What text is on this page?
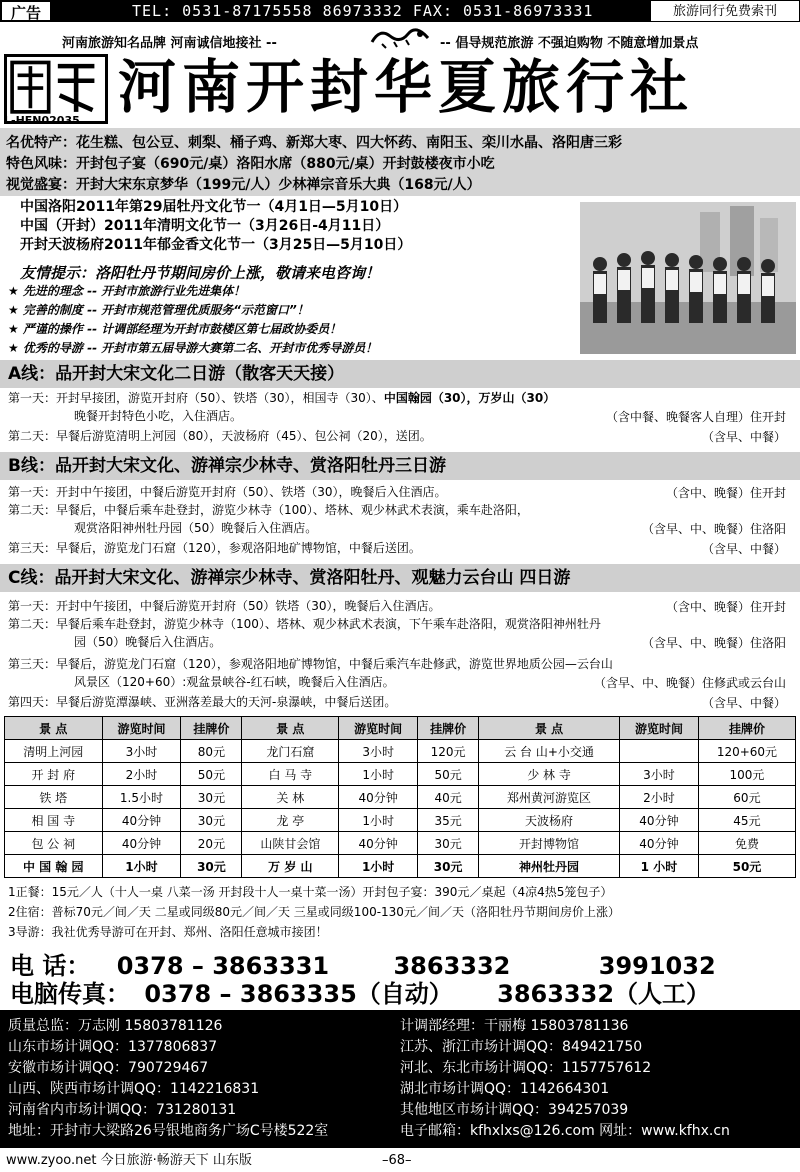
广告	TEL: 0531-87175558 86973332 FAX: 0531-86973331	旅游同行免费索刊
河南旅游知名品牌 河南诚信地接社 --	-- 倡导规范旅游 不强迫购物 不随意增加景点
L-HEN02035 河南开封华夏旅行社
名优特产：花生糕、包公豆、刺梨、桶子鸡、新郑大枣、四大怀药、南阳玉、栾川水晶、洛阳唐三彩
特色风味：开封包子宴（690元/桌）洛阳水席（880元/桌）开封鼓楼夜市小吃
视觉盛宴：开封大宋东京梦华（199元/人）少林禅宗音乐大典（168元/人）
中国洛阳2011年第29届牡丹文化节一（4月1日—5月10日）
中国（开封）2011年清明文化节一（3月26日-4月11日）
开封天波杨府2011年郁金香文化节一（3月25日—5月10日）
友情提示：洛阳牡丹节期间房价上涨，敬请来电咨询！
★ 先进的理念 -- 开封市旅游行业先进集体！
★ 完善的制度 -- 开封市规范管理优质服务“示范窗口”！
★ 严谨的操作 -- 计调部经理为开封市鼓楼区第七届政协委员！
★ 优秀的导游 -- 开封市第五届导游大赛第二名、开封市优秀导游员！
A线：品开封大宋文化二日游（散客天天接）
第一天：开封早接团，游览开封府（50）、铁塔（30），相国寺（30）、中国翰园（30），万岁山（30）
晚餐开封特色小吃，入住酒店。	（含中餐、晚餐客人自理）住开封
第二天：早餐后游览清明上河园（80），天波杨府（45）、包公祠（20），送团。	（含早、中餐）
B线：品开封大宋文化、游禅宗少林寺、赏洛阳牡丹三日游
第一天：开封中午接团，中餐后游览开封府（50）、铁塔（30），晚餐后入住酒店。	（含中、晚餐）住开封
第二天：早餐后，中餐后乘车赴登封，游览少林寺（100）、塔林、观少林武术表演，乘车赴洛阳，
观赏洛阳神州牡丹园（50）晚餐后入住酒店。	（含早、中、晚餐）住洛阳
第三天：早餐后，游览龙门石窟（120），参观洛阳地矿博物馆，中餐后送团。	（含早、中餐）
C线：品开封大宋文化、游禅宗少林寺、赏洛阳牡丹、观魅力云台山 四日游
第一天：开封中午接团，中餐后游览开封府（50）铁塔（30），晚餐后入住酒店。	（含中、晚餐）住开封
第二天：早餐后乘车赴登封，游览少林寺（100）、塔林、观少林武术表演，下午乘车赴洛阳，观赏洛阳神州牡丹
园（50）晚餐后入住酒店。	（含早、中、晚餐）住洛阳
第三天：早餐后，游览龙门石窟（120），参观洛阳地矿博物馆，中餐后乘汽车赴修武，游览世界地质公园—云台山
风景区（120+60）:观盆景峡谷-红石峡，晚餐后入住酒店。	（含早、中、晚餐）住修武或云台山
第四天：早餐后游览潭瀑峡、亚洲落差最大的天河-泉瀑峡，中餐后送团。	（含早、中餐）
景 点	游览时间	挂牌价	景 点	游览时间	挂牌价	景 点	游览时间	挂牌价
清明上河园	3小时	80元	龙门石窟	3小时	120元	云 台 山+小交通		120+60元
开 封 府	2小时	50元	白 马 寺	1小时	50元	少 林 寺	3小时	100元
铁 塔	1.5小时	30元	关 林	40分钟	40元	郑州黄河游览区	2小时	60元
相 国 寺	40分钟	30元	龙 亭	1小时	35元	天波杨府	40分钟	45元
包 公 祠	40分钟	20元	山陕甘会馆	40分钟	30元	开封博物馆	40分钟	免费
中 国 翰 园	1小时	30元	万 岁 山	1小时	30元	神州牡丹园	1 小时	50元
1正餐：15元／人（十人一桌 八菜一汤 开封段十人一桌十菜一汤）开封包子宴：390元／桌起（4凉4热5笼包子）
2住宿：普标70元／间／天 二星或同级80元／间／天 三星或同级100-130元／间／天（洛阳牡丹节期间房价上涨）
3导游：我社优秀导游可在开封、郑州、洛阳任意城市接团！
电 话： 0378 – 3863331	3863332	3991032
电脑传真： 0378 – 3863335（自动） 3863332（人工）
质量总监：万志刚 15803781126
山东市场计调QQ：1377806837
安徽市场计调QQ：790729467
山西、陕西市场计调QQ：1142216831
河南省内市场计调QQ：731280131
地址：开封市大梁路26号银地商务广场C号楼522室
计调部经理：干丽梅 15803781136
江苏、浙江市场计调QQ：849421750
河北、东北市场计调QQ：1157757612
湖北市场计调QQ：1142664301
其他地区市场计调QQ：394257039
电子邮箱：kfhxlxs@126.com 网址：www.kfhx.cn
www.zyoo.net 今日旅游·畅游天下 山东版	–68–
